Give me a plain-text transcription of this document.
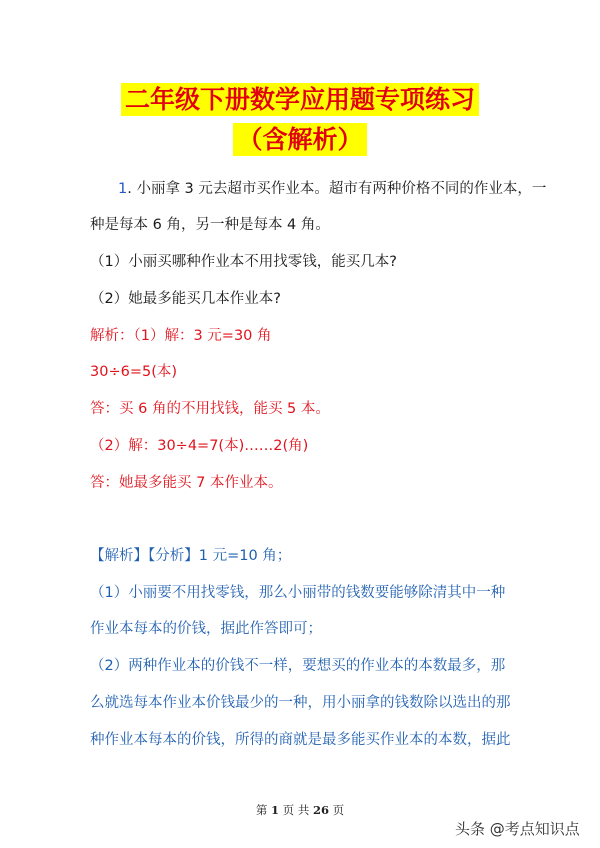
二年级下册数学应用题专项练习
（含解析）
1. 小丽拿 3 元去超市买作业本。超市有两种价格不同的作业本，一
种是每本 6 角，另一种是每本 4 角。
（1）小丽买哪种作业本不用找零钱，能买几本?
（2）她最多能买几本作业本?
解析：（1）解：3 元=30 角
30÷6=5(本)
答：买 6 角的不用找钱，能买 5 本。
（2）解：30÷4=7(本)……2(角)
答：她最多能买 7 本作业本。
【解析】【分析】1 元=10 角；
（1）小丽要不用找零钱，那么小丽带的钱数要能够除清其中一种
作业本每本的价钱，据此作答即可；
（2）两种作业本的价钱不一样，要想买的作业本的本数最多，那
么就选每本作业本价钱最少的一种，用小丽拿的钱数除以选出的那
种作业本每本的价钱，所得的商就是最多能买作业本的本数，据此
第 1 页 共 26 页
头条 @考点知识点
